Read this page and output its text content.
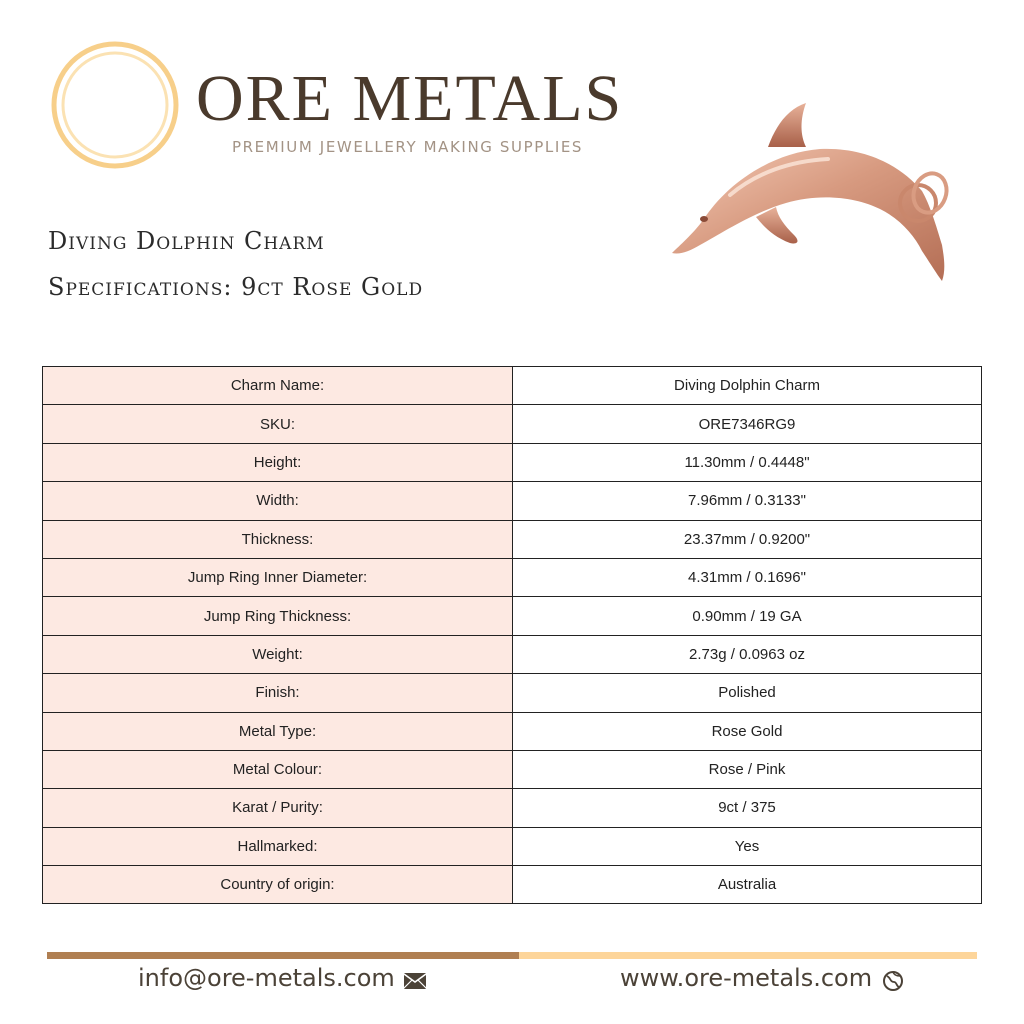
ORE METALS
PREMIUM JEWELLERY MAKING SUPPLIES
Diving Dolphin Charm
Specifications: 9ct Rose Gold
Charm Name:	Diving Dolphin Charm
SKU:	ORE7346RG9
Height:	11.30mm / 0.4448"
Width:	7.96mm / 0.3133"
Thickness:	23.37mm / 0.9200"
Jump Ring Inner Diameter:	4.31mm / 0.1696"
Jump Ring Thickness:	0.90mm / 19 GA
Weight:	2.73g / 0.0963 oz
Finish:	Polished
Metal Type:	Rose Gold
Metal Colour:	Rose / Pink
Karat / Purity:	9ct / 375
Hallmarked:	Yes
Country of origin:	Australia
info@ore-metals.com	www.ore-metals.com
